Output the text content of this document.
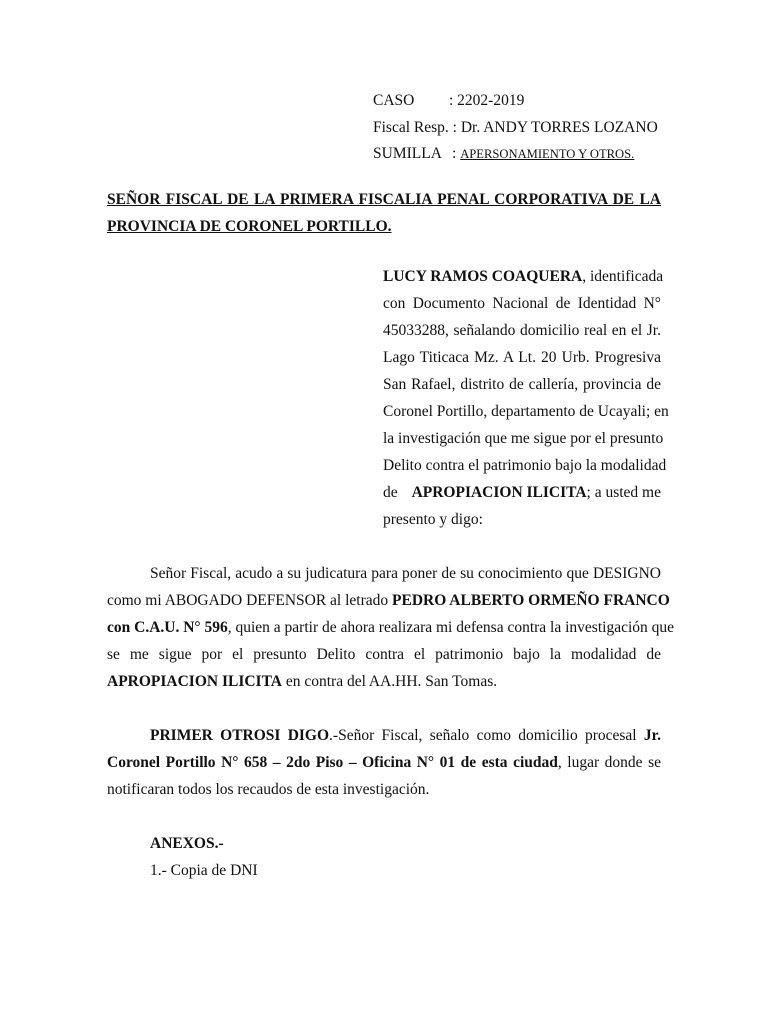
CASO : 2202-2019
Fiscal Resp. : Dr. ANDY TORRES LOZANO
SUMILLA : APERSONAMIENTO Y OTROS.
SEÑOR FISCAL DE LA PRIMERA FISCALIA PENAL CORPORATIVA DE LA PROVINCIA DE CORONEL PORTILLO.
LUCY RAMOS COAQUERA, identificada
con Documento Nacional de Identidad N°
45033288, señalando domicilio real en el Jr.
Lago Titicaca Mz. A Lt. 20 Urb. Progresiva
San Rafael, distrito de callería, provincia de
Coronel Portillo, departamento de Ucayali; en
la investigación que me sigue por el presunto
Delito contra el patrimonio bajo la modalidad
de APROPIACION ILICITA; a usted me
presento y digo:
Señor Fiscal, acudo a su judicatura para poner de su conocimiento que DESIGNO
como mi ABOGADO DEFENSOR al letrado PEDRO ALBERTO ORMEÑO FRANCO
con C.A.U. N° 596, quien a partir de ahora realizara mi defensa contra la investigación que
se me sigue por el presunto Delito contra el patrimonio bajo la modalidad de
APROPIACION ILICITA en contra del AA.HH. San Tomas.
PRIMER OTROSI DIGO.-Señor Fiscal, señalo como domicilio procesal Jr.
Coronel Portillo N° 658 – 2do Piso – Oficina N° 01 de esta ciudad, lugar donde se
notificaran todos los recaudos de esta investigación.
ANEXOS.-
1.- Copia de DNI
